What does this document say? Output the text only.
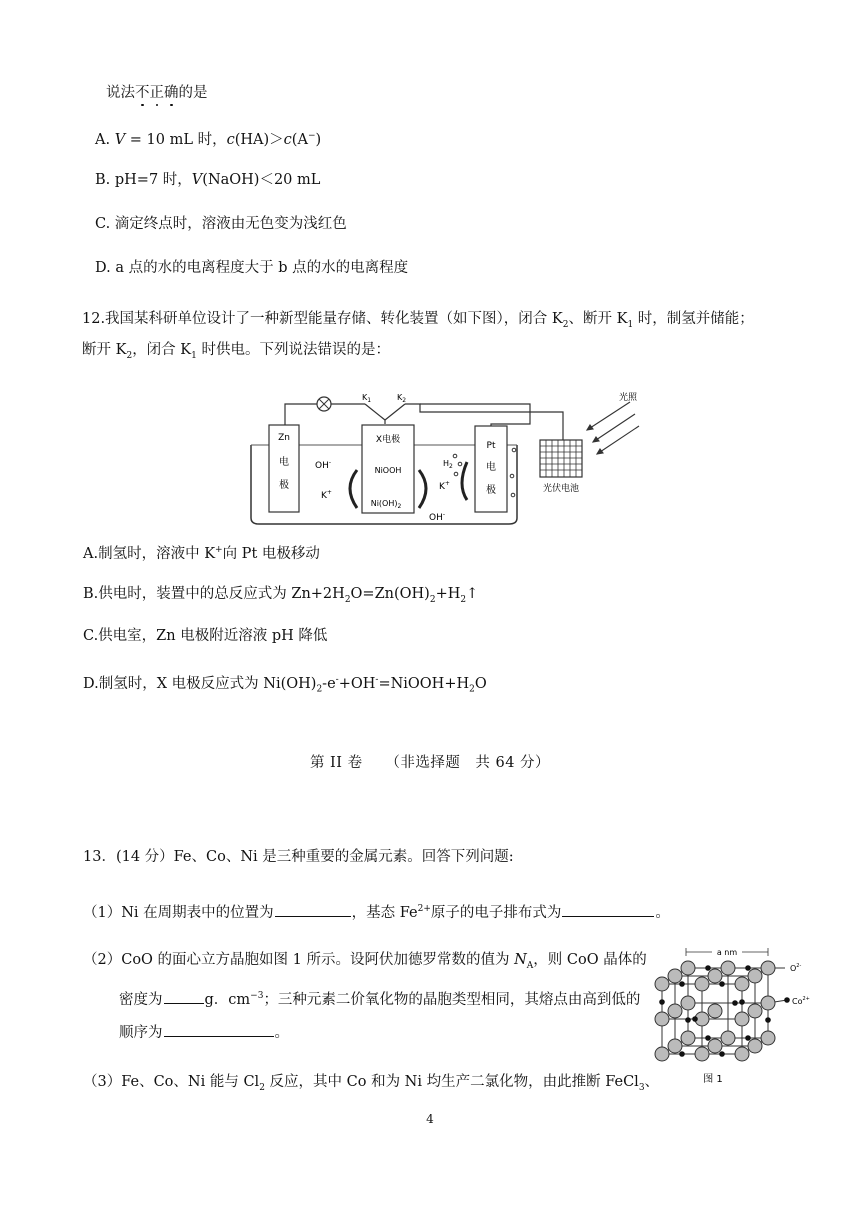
说法不正确的是
A. V = 10 mL 时，c(HA)＞c(A−)
B. pH=7 时，V(NaOH)＜20 mL
C. 滴定终点时，溶液由无色变为浅红色
D. a 点的水的电离程度大于 b 点的水的电离程度
12.我国某科研单位设计了一种新型能量存储、转化装置（如下图），闭合 $K_2$、断开 $K_1$ 时，制氢并储能；
断开 $K_2$，闭合 $K_1$ 时供电。下列说法错误的是：
$K_1$	$K_2$
Zn
电
极
OH-
K+
X电极
NiOOH
$Ni(OH)_2$
Pt
电
极
$H_2$
K+
OH-
光伏电池
光照
A.制氢时，溶液中 K+向 Pt 电极移动
B.供电时，装置中的总反应式为 $Zn+2H_2O=Zn(OH)_2+H_2↑$
C.供电室，Zn 电极附近溶液 pH 降低
D.制氢时，X 电极反应式为 $Ni(OH)_2-e^-+OH^-=NiOOH+H_2O$
第 II 卷　　（非选择题　共 64 分）
13．(14 分）Fe、Co、Ni 是三种重要的金属元素。回答下列问题:
（1）Ni 在周期表中的位置为	，基态 $Fe^{2+}$原子的电子排布式为	。
（2）CoO 的面心立方晶胞如图 1 所示。设阿伏加德罗常数的值为 $N_A$，则 CoO 晶体的
密度为	g．$cm^{-3}$；三种元素二价氧化物的晶胞类型相同，其熔点由高到低的
顺序为	。
（3）Fe、Co、Ni 能与 $Cl_2$ 反应，其中 Co 和为 Ni 均生产二氯化物，由此推断 FeCl$_3$、
a nm
$O^{2-}$
$Co^{2+}$
图 1
4
